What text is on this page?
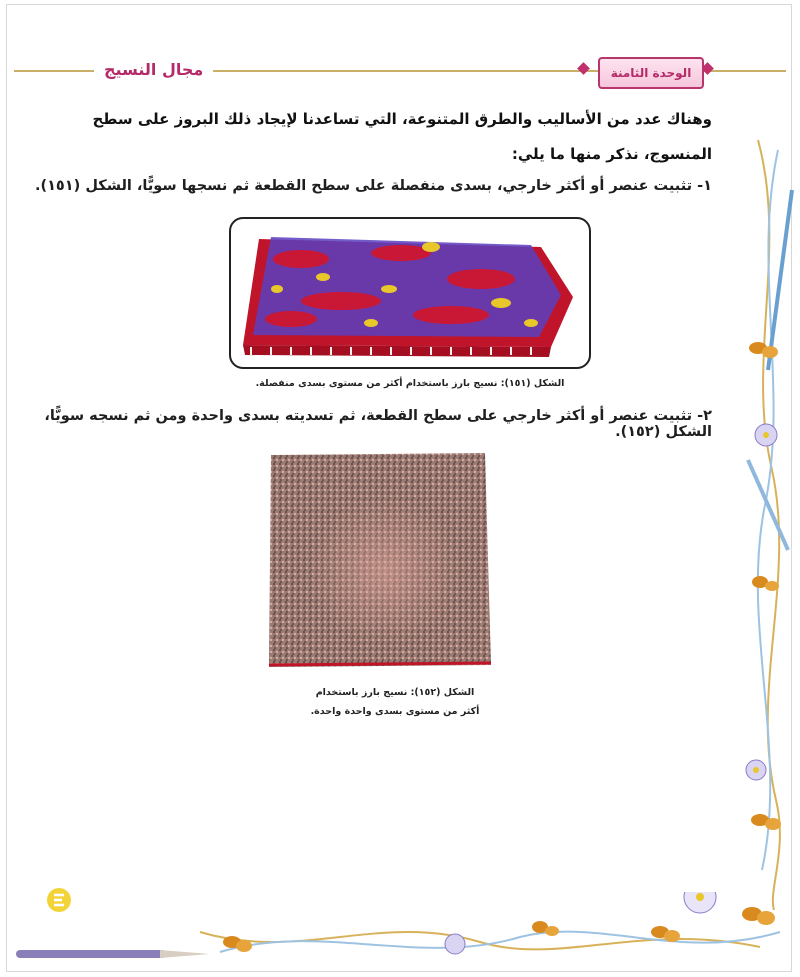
الوحدة الثامنة
مجال النسيج
وهناك عدد من الأساليب والطرق المتنوعة، التي تساعدنا لإيجاد ذلك البروز على سطح المنسوج، نذكر منها ما يلي:
١- تثبيت عنصر أو أكثر خارجي، بسدى منفصلة على سطح القطعة ثم نسجها سويًّا، الشكل (١٥١).
الشكل (١٥١): نسيج بارز باستخدام أكثر من مستوى بسدى منفصلة.
٢- تثبيت عنصر أو أكثر خارجي على سطح القطعة، ثم تسديته بسدى واحدة ومن ثم نسجه سويًّا، الشكل (١٥٢).
الشكل (١٥٢): نسيج بارز باستخدام
أكثر من مستوى بسدى واحدة واحدة.
